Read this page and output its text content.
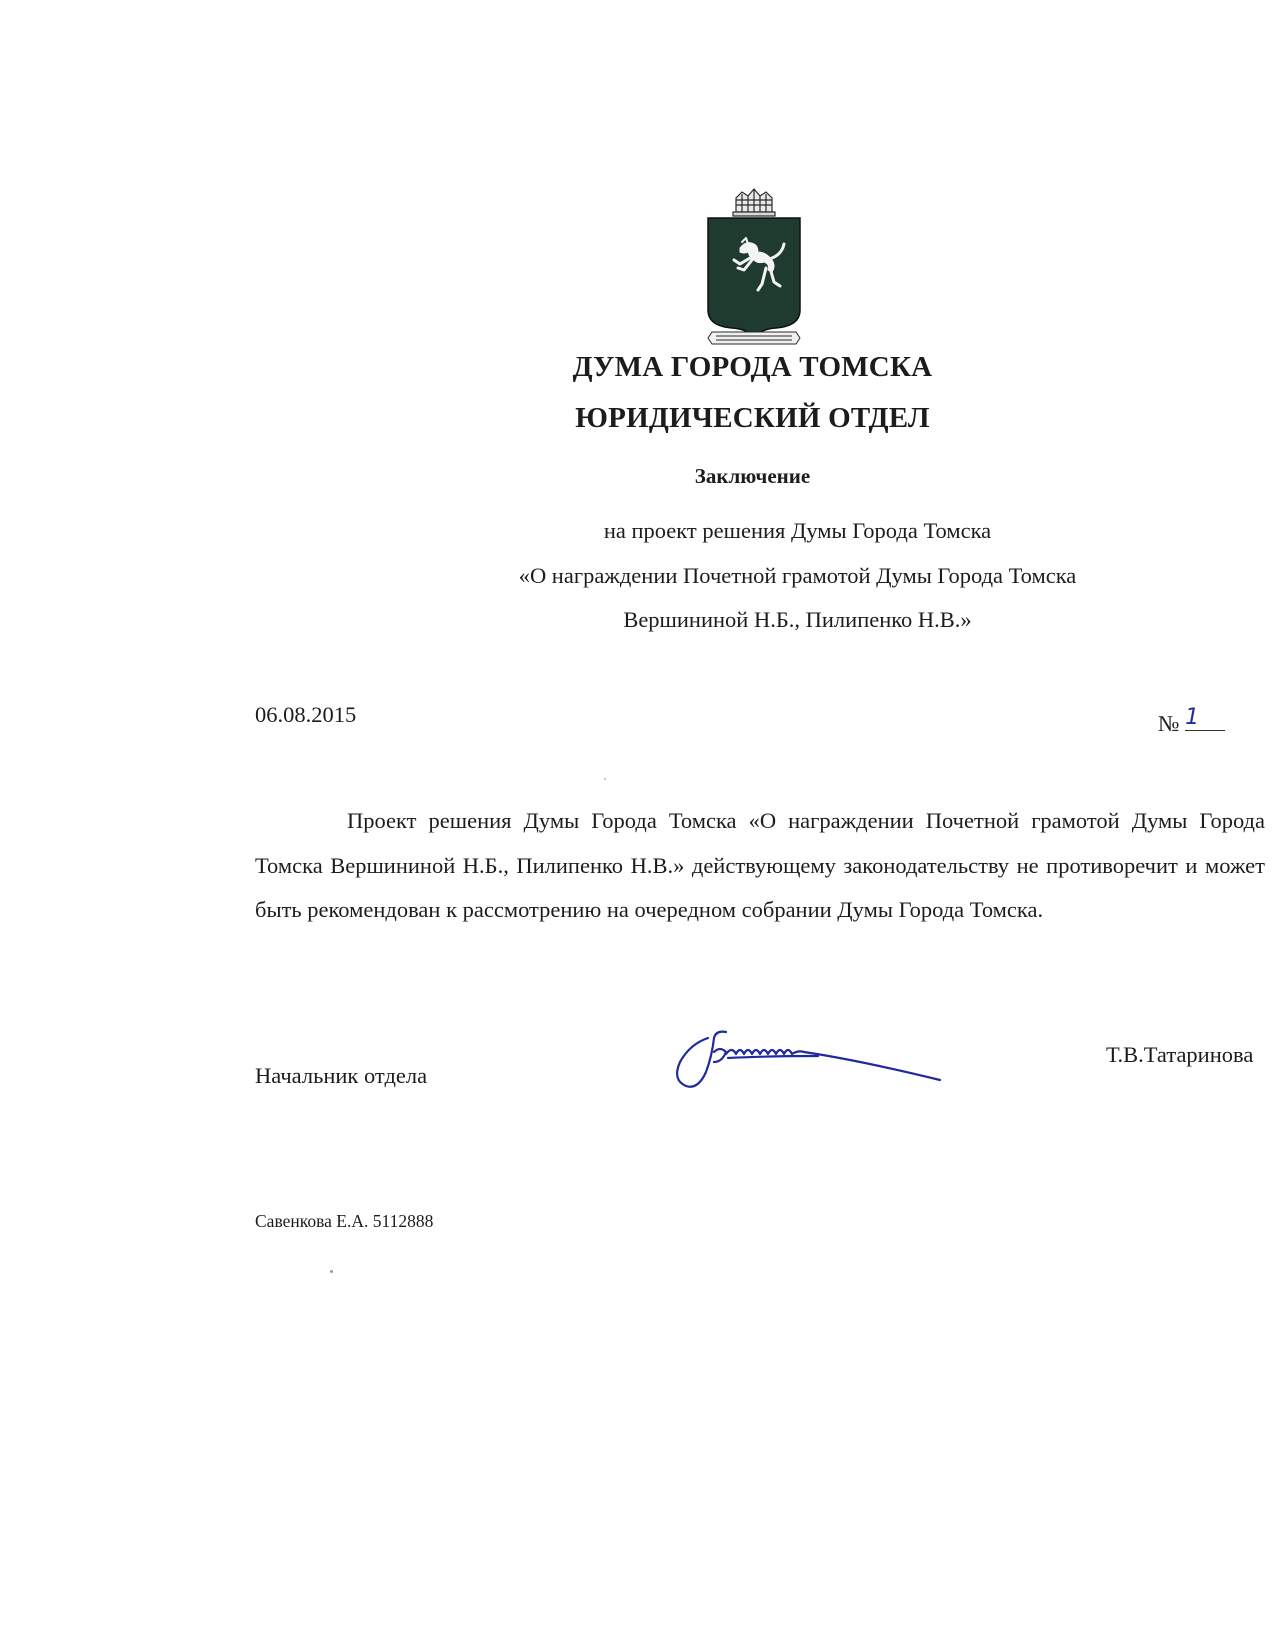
ДУМА ГОРОДА ТОМСКА
ЮРИДИЧЕСКИЙ ОТДЕЛ
Заключение
на проект решения Думы Города Томска
«О награждении Почетной грамотой Думы Города Томска
Вершининой Н.Б., Пилипенко Н.В.»
06.08.2015	№ 1

Проект решения Думы Города Томска «О награждении Почетной грамотой Думы Города Томска Вершининой Н.Б., Пилипенко Н.В.» действующему законодательству не противоречит и может быть рекомендован к рассмотрению на очередном собрании Думы Города Томска.

Начальник отдела
Т.В.Татаринова
Савенкова Е.А. 5112888
